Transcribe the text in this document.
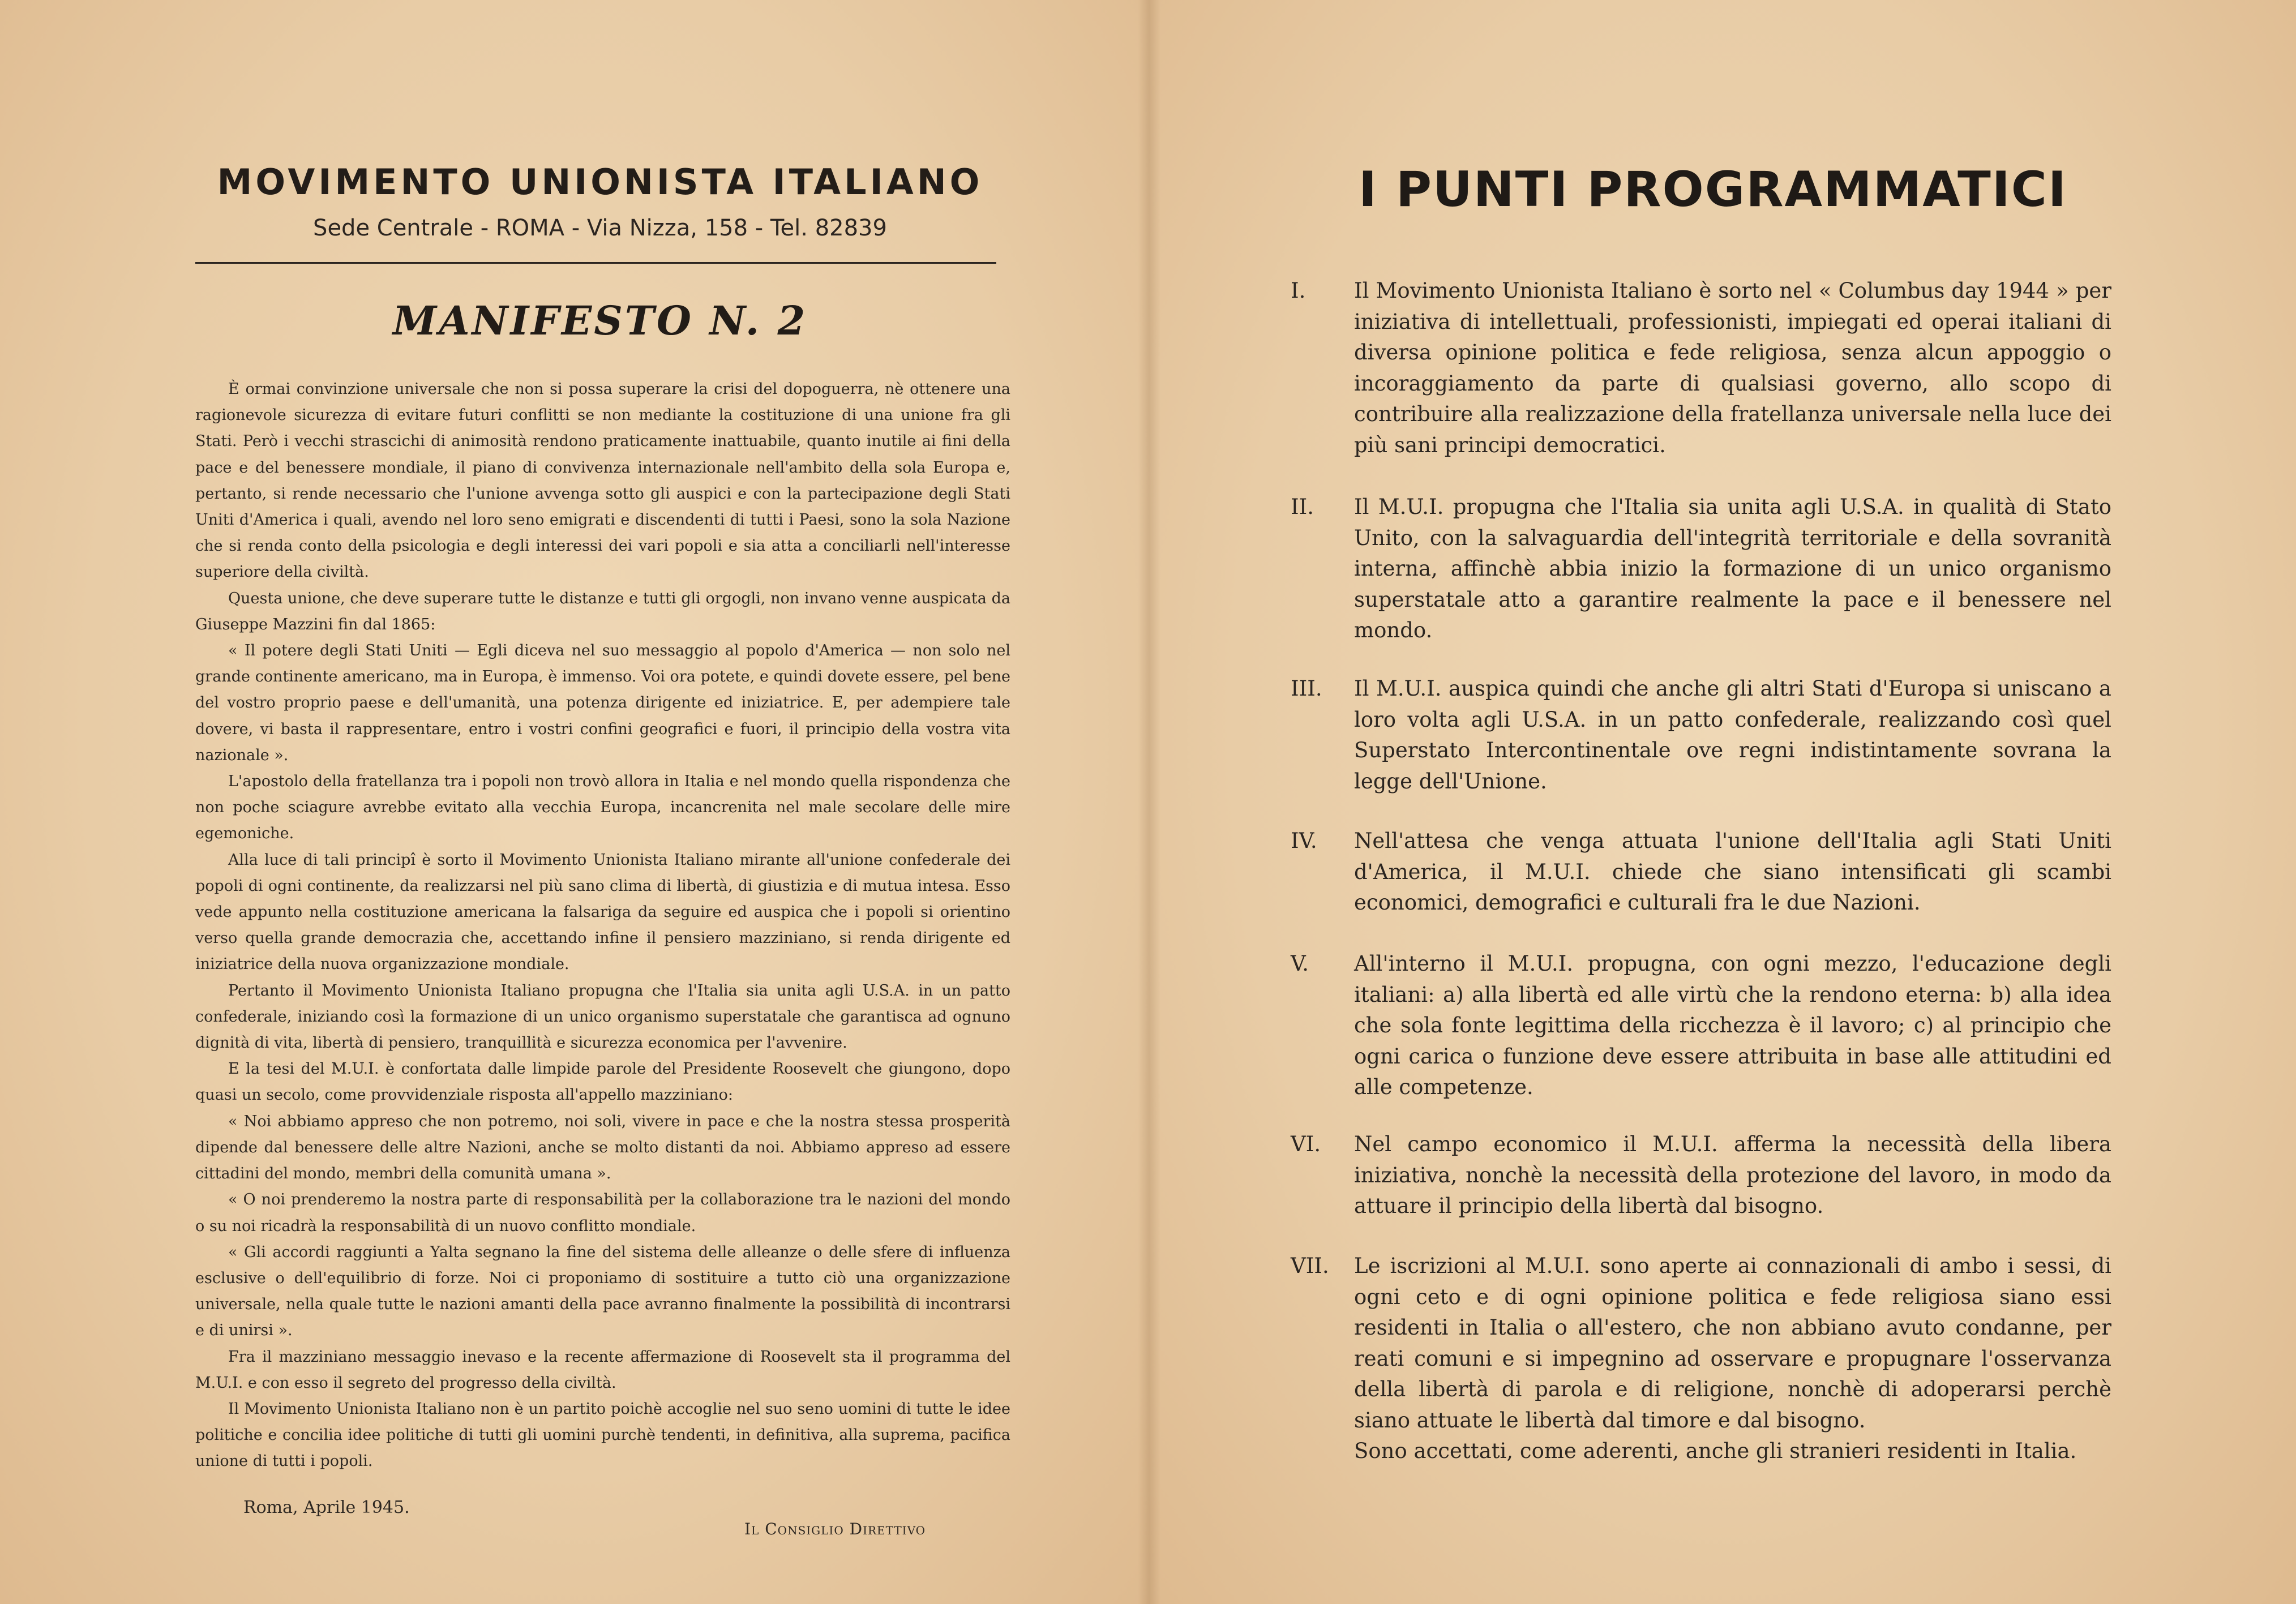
MOVIMENTO UNIONISTA ITALIANO
Sede Centrale - ROMA - Via Nizza, 158 - Tel. 82839
MANIFESTO N. 2

È ormai convinzione universale che non si possa superare la crisi del dopoguerra, nè ottenere una ragionevole sicurezza di evitare futuri conflitti se non mediante la costituzione di una unione fra gli Stati. Però i vecchi strascichi di animosità rendono praticamente inattuabile, quanto inutile ai fini della pace e del benessere mondiale, il piano di convivenza internazionale nell'ambito della sola Europa e, pertanto, si rende necessario che l'unione avvenga sotto gli auspici e con la partecipazione degli Stati Uniti d'America i quali, avendo nel loro seno emigrati e discendenti di tutti i Paesi, sono la sola Nazione che si renda conto della psicologia e degli interessi dei vari popoli e sia atta a conciliarli nell'interesse superiore della civiltà.

Questa unione, che deve superare tutte le distanze e tutti gli orgogli, non invano venne auspicata da Giuseppe Mazzini fin dal 1865:

« Il potere degli Stati Uniti — Egli diceva nel suo messaggio al popolo d'America — non solo nel grande continente americano, ma in Europa, è immenso. Voi ora potete, e quindi dovete essere, pel bene del vostro proprio paese e dell'umanità, una potenza dirigente ed iniziatrice. E, per adempiere tale dovere, vi basta il rappresentare, entro i vostri confini geografici e fuori, il principio della vostra vita nazionale ».

L'apostolo della fratellanza tra i popoli non trovò allora in Italia e nel mondo quella rispondenza che non poche sciagure avrebbe evitato alla vecchia Europa, incancrenita nel male secolare delle mire egemoniche.

Alla luce di tali principî è sorto il Movimento Unionista Italiano mirante all'unione confederale dei popoli di ogni continente, da realizzarsi nel più sano clima di libertà, di giustizia e di mutua intesa. Esso vede appunto nella costituzione americana la falsariga da seguire ed auspica che i popoli si orientino verso quella grande democrazia che, accettando infine il pensiero mazziniano, si renda dirigente ed iniziatrice della nuova organizzazione mondiale.

Pertanto il Movimento Unionista Italiano propugna che l'Italia sia unita agli U.S.A. in un patto confederale, iniziando così la formazione di un unico organismo superstatale che garantisca ad ognuno dignità di vita, libertà di pensiero, tranquillità e sicurezza economica per l'avvenire.

E la tesi del M.U.I. è confortata dalle limpide parole del Presidente Roosevelt che giungono, dopo quasi un secolo, come provvidenziale risposta all'appello mazziniano:

« Noi abbiamo appreso che non potremo, noi soli, vivere in pace e che la nostra stessa prosperità dipende dal benessere delle altre Nazioni, anche se molto distanti da noi. Abbiamo appreso ad essere cittadini del mondo, membri della comunità umana ».

« O noi prenderemo la nostra parte di responsabilità per la collaborazione tra le nazioni del mondo o su noi ricadrà la responsabilità di un nuovo conflitto mondiale.

« Gli accordi raggiunti a Yalta segnano la fine del sistema delle alleanze o delle sfere di influenza esclusive o dell'equilibrio di forze. Noi ci proponiamo di sostituire a tutto ciò una organizzazione universale, nella quale tutte le nazioni amanti della pace avranno finalmente la possibilità di incontrarsi e di unirsi ».

Fra il mazziniano messaggio inevaso e la recente affermazione di Roosevelt sta il programma del M.U.I. e con esso il segreto del progresso della civiltà.

Il Movimento Unionista Italiano non è un partito poichè accoglie nel suo seno uomini di tutte le idee politiche e concilia idee politiche di tutti gli uomini purchè tendenti, in definitiva, alla suprema, pacifica unione di tutti i popoli.

Roma, Aprile 1945.
Il Consiglio Direttivo
I PUNTI PROGRAMMATICI
I.	Il Movimento Unionista Italiano è sorto nel « Columbus day 1944 » per iniziativa di intellettuali, professionisti, impiegati ed operai italiani di diversa opinione politica e fede religiosa, senza alcun appoggio o incoraggiamento da parte di qualsiasi governo, allo scopo di contribuire alla realizzazione della fratellanza universale nella luce dei più sani principi democratici.
II.	Il M.U.I. propugna che l'Italia sia unita agli U.S.A. in qualità di Stato Unito, con la salvaguardia dell'integrità territoriale e della sovranità interna, affinchè abbia inizio la formazione di un unico organismo superstatale atto a garantire realmente la pace e il benessere nel mondo.
III.	Il M.U.I. auspica quindi che anche gli altri Stati d'Europa si uniscano a loro volta agli U.S.A. in un patto confederale, realizzando così quel Superstato Intercontinentale ove regni indistintamente sovrana la legge dell'Unione.
IV.	Nell'attesa che venga attuata l'unione dell'Italia agli Stati Uniti d'America, il M.U.I. chiede che siano intensificati gli scambi economici, demografici e culturali fra le due Nazioni.
V.	All'interno il M.U.I. propugna, con ogni mezzo, l'educazione degli italiani: a) alla libertà ed alle virtù che la rendono eterna: b) alla idea che sola fonte legittima della ricchezza è il lavoro; c) al principio che ogni carica o funzione deve essere attribuita in base alle attitudini ed alle competenze.
VI.	Nel campo economico il M.U.I. afferma la necessità della libera iniziativa, nonchè la necessità della protezione del lavoro, in modo da attuare il principio della libertà dal bisogno.
VII.	Le iscrizioni al M.U.I. sono aperte ai connazionali di ambo i sessi, di ogni ceto e di ogni opinione politica e fede religiosa siano essi residenti in Italia o all'estero, che non abbiano avuto condanne, per reati comuni e si impegnino ad osservare e propugnare l'osservanza della libertà di parola e di religione, nonchè di adoperarsi perchè siano attuate le libertà dal timore e dal bisogno.
Sono accettati, come aderenti, anche gli stranieri residenti in Italia.
